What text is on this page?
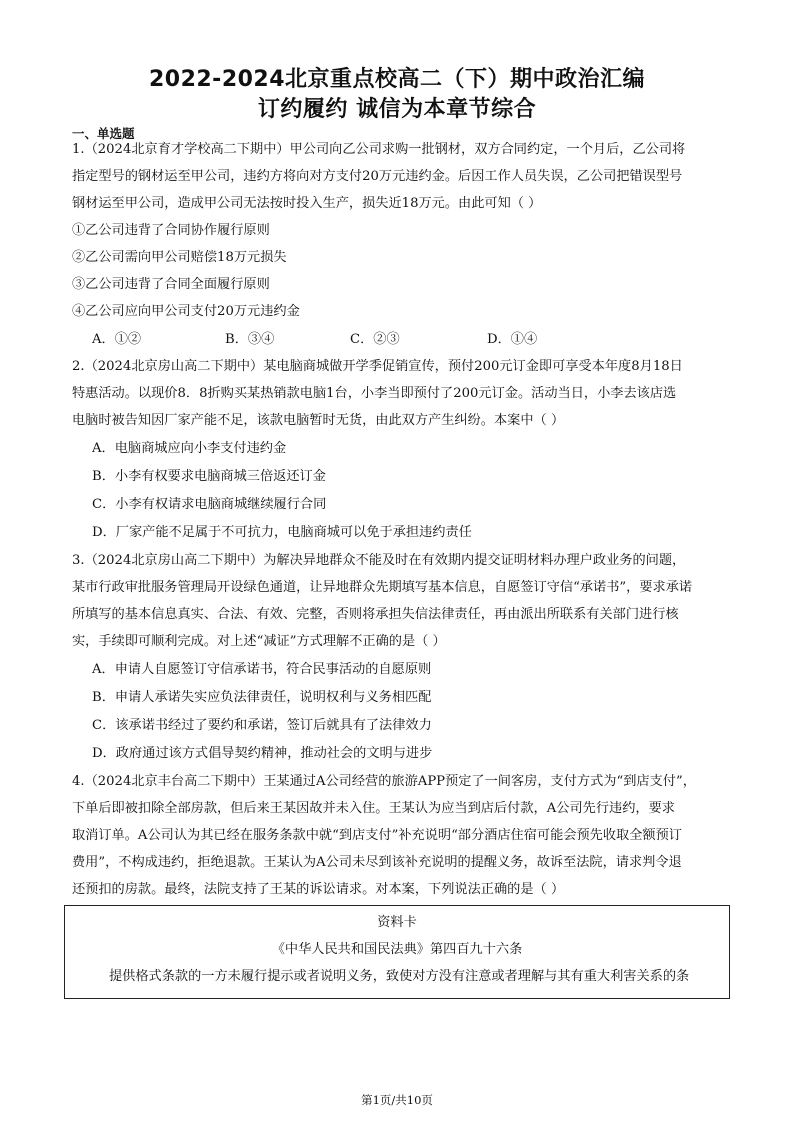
2022-2024北京重点校高二（下）期中政治汇编
订约履约 诚信为本章节综合
一、单选题
1.（2024北京育才学校高二下期中）甲公司向乙公司求购一批钢材，双方合同约定，一个月后，乙公司将
指定型号的钢材运至甲公司，违约方将向对方支付20万元违约金。后因工作人员失误，乙公司把错误型号
钢材运至甲公司，造成甲公司无法按时投入生产，损失近18万元。由此可知（ ）
①乙公司违背了合同协作履行原则
②乙公司需向甲公司赔偿18万元损失
③乙公司违背了合同全面履行原则
④乙公司应向甲公司支付20万元违约金
A．①②	B．③④	C．②③	D．①④
2.（2024北京房山高二下期中）某电脑商城做开学季促销宣传，预付200元订金即可享受本年度8月18日
特惠活动。以现价8．8折购买某热销款电脑1台，小李当即预付了200元订金。活动当日，小李去该店选
电脑时被告知因厂家产能不足，该款电脑暂时无货，由此双方产生纠纷。本案中（ ）
A．电脑商城应向小李支付违约金
B．小李有权要求电脑商城三倍返还订金
C．小李有权请求电脑商城继续履行合同
D．厂家产能不足属于不可抗力，电脑商城可以免于承担违约责任
3.（2024北京房山高二下期中）为解决异地群众不能及时在有效期内提交证明材料办理户政业务的问题，
某市行政审批服务管理局开设绿色通道，让异地群众先期填写基本信息，自愿签订守信“承诺书”，要求承诺
所填写的基本信息真实、合法、有效、完整，否则将承担失信法律责任，再由派出所联系有关部门进行核
实，手续即可顺利完成。对上述“减证”方式理解不正确的是（ ）
A．申请人自愿签订守信承诺书，符合民事活动的自愿原则
B．申请人承诺失实应负法律责任，说明权利与义务相匹配
C．该承诺书经过了要约和承诺，签订后就具有了法律效力
D．政府通过该方式倡导契约精神，推动社会的文明与进步
4.（2024北京丰台高二下期中）王某通过A公司经营的旅游APP预定了一间客房，支付方式为“到店支付”，
下单后即被扣除全部房款，但后来王某因故并未入住。王某认为应当到店后付款，A公司先行违约，要求
取消订单。A公司认为其已经在服务条款中就“到店支付”补充说明“部分酒店住宿可能会预先收取全额预订
费用”，不构成违约，拒绝退款。王某认为A公司未尽到该补充说明的提醒义务，故诉至法院，请求判令退
还预扣的房款。最终，法院支持了王某的诉讼请求。对本案，下列说法正确的是（ ）
资料卡
《中华人民共和国民法典》第四百九十六条
提供格式条款的一方未履行提示或者说明义务，致使对方没有注意或者理解与其有重大利害关系的条
第1页/共10页
